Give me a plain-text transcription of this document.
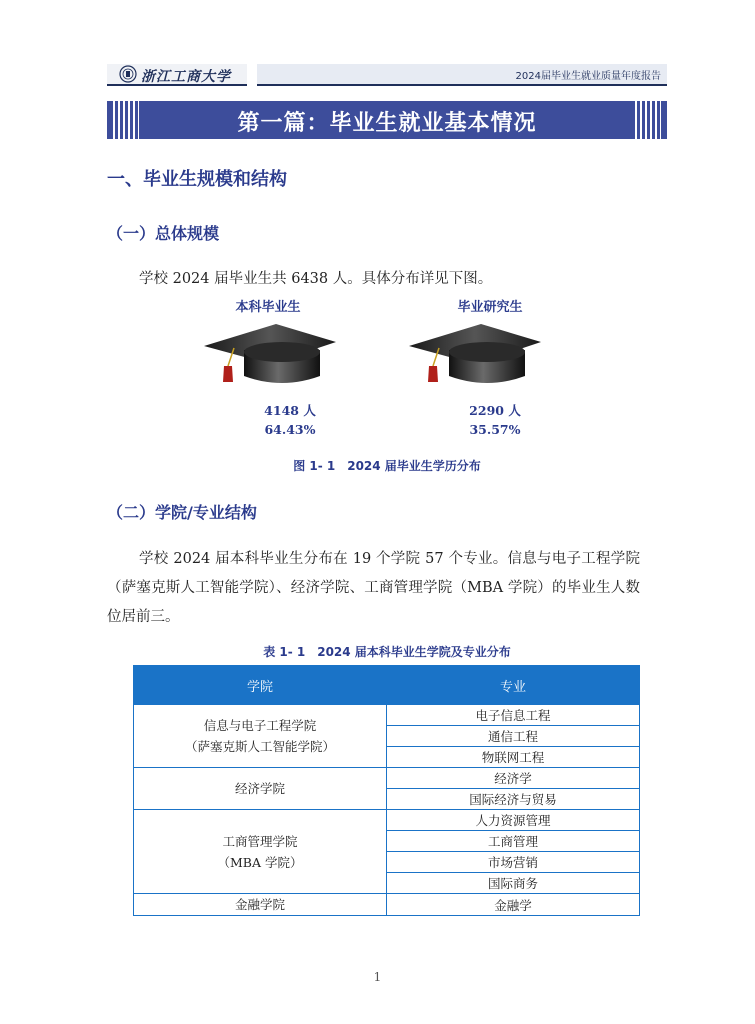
浙江工商大学	2024届毕业生就业质量年度报告
第一篇：毕业生就业基本情况
一、毕业生规模和结构
（一）总体规模
学校 2024 届毕业生共 6438 人。具体分布详见下图。
本科毕业生	毕业研究生
4148 人
64.43%
2290 人
35.57%
图 1- 1　2024 届毕业生学历分布
（二）学院/专业结构
学校 2024 届本科毕业生分布在 19 个学院 57 个专业。信息与电子工程学院（萨塞克斯人工智能学院）、经济学院、工商管理学院（MBA 学院）的毕业生人数位居前三。
表 1- 1　2024 届本科毕业生学院及专业分布
学院	专业

信息与电子工程学院
（萨塞克斯人工智能学院）	电子信息工程
	通信工程
	物联网工程

经济学院	经济学
	国际经济与贸易

工商管理学院
（MBA 学院）	人力资源管理
	工商管理
	市场营销
	国际商务

金融学院	金融学
1
